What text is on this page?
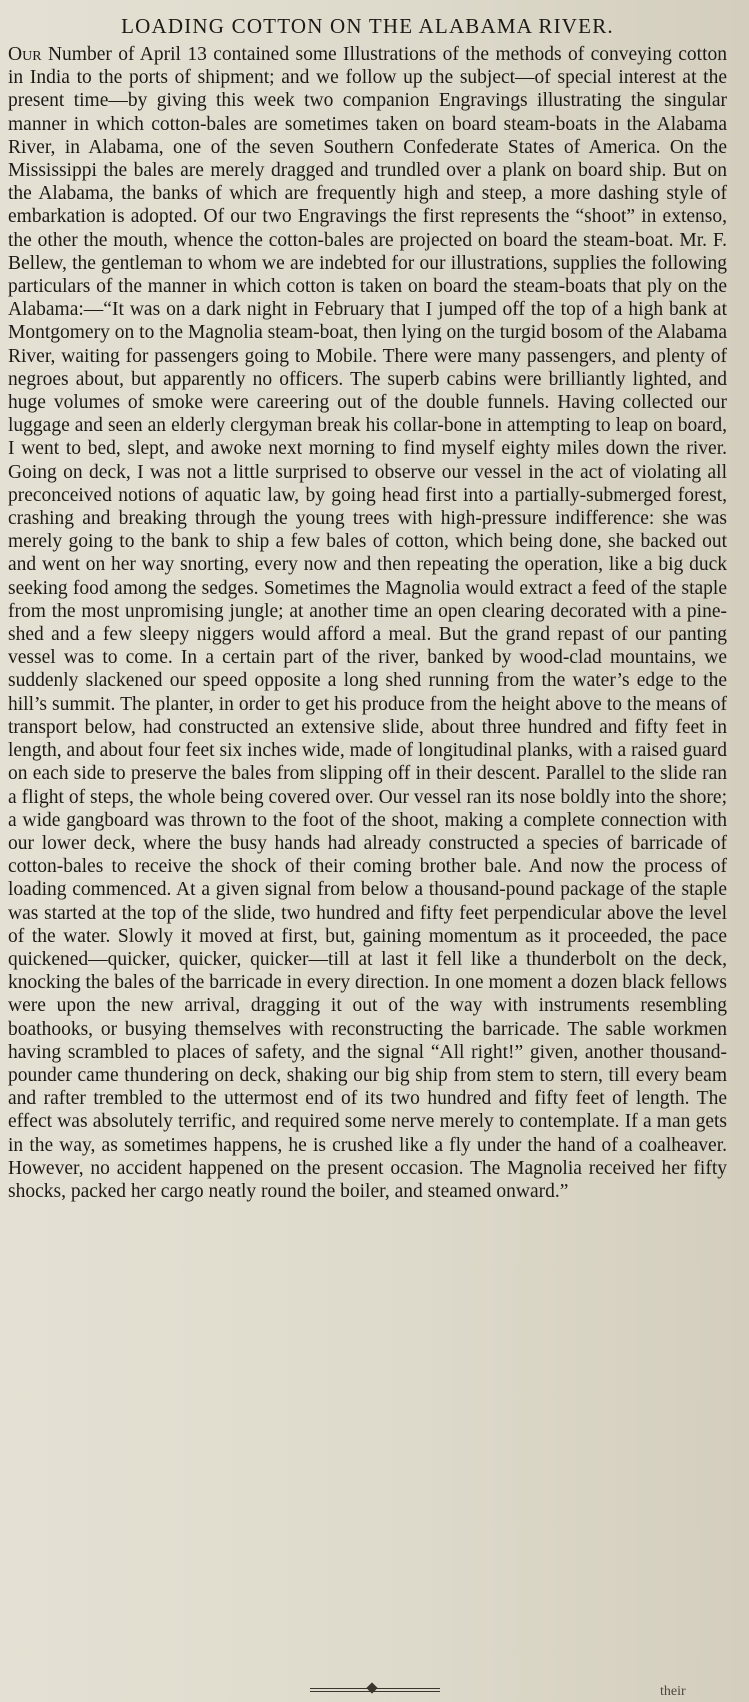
LOADING COTTON ON THE ALABAMA RIVER.

Our Number of April 13 contained some Illustrations of the methods of conveying cotton in India to the ports of shipment; and we follow up the subject—of special interest at the present time—by giving this week two companion Engravings illustrating the singular manner in which cotton-bales are sometimes taken on board steam-boats in the Alabama River, in Alabama, one of the seven Southern Confederate States of America. On the Mississippi the bales are merely dragged and trundled over a plank on board ship. But on the Alabama, the banks of which are frequently high and steep, a more dashing style of embarkation is adopted. Of our two Engravings the first represents the “shoot” in extenso, the other the mouth, whence the cotton-bales are projected on board the steam-boat. Mr. F. Bellew, the gentleman to whom we are indebted for our illustrations, supplies the following particulars of the manner in which cotton is taken on board the steam-boats that ply on the Alabama:—“It was on a dark night in February that I jumped off the top of a high bank at Montgomery on to the Magnolia steam-boat, then lying on the turgid bosom of the Alabama River, waiting for passengers going to Mobile. There were many passengers, and plenty of negroes about, but apparently no officers. The superb cabins were brilliantly lighted, and huge volumes of smoke were careering out of the double funnels. Having collected our luggage and seen an elderly clergyman break his collar-bone in attempting to leap on board, I went to bed, slept, and awoke next morning to find myself eighty miles down the river. Going on deck, I was not a little surprised to observe our vessel in the act of violating all preconceived notions of aquatic law, by going head first into a partially-submerged forest, crashing and breaking through the young trees with high-pressure indifference: she was merely going to the bank to ship a few bales of cotton, which being done, she backed out and went on her way snorting, every now and then repeating the operation, like a big duck seeking food among the sedges. Sometimes the Magnolia would extract a feed of the staple from the most unpromising jungle; at another time an open clearing decorated with a pine-shed and a few sleepy niggers would afford a meal. But the grand repast of our panting vessel was to come. In a certain part of the river, banked by wood-clad mountains, we suddenly slackened our speed opposite a long shed running from the water’s edge to the hill’s summit. The planter, in order to get his produce from the height above to the means of transport below, had constructed an extensive slide, about three hundred and fifty feet in length, and about four feet six inches wide, made of longitudinal planks, with a raised guard on each side to preserve the bales from slipping off in their descent. Parallel to the slide ran a flight of steps, the whole being covered over. Our vessel ran its nose boldly into the shore; a wide gangboard was thrown to the foot of the shoot, making a complete connection with our lower deck, where the busy hands had already constructed a species of barricade of cotton-bales to receive the shock of their coming brother bale. And now the process of loading commenced. At a given signal from below a thousand-pound package of the staple was started at the top of the slide, two hundred and fifty feet perpendicular above the level of the water. Slowly it moved at first, but, gaining momentum as it proceeded, the pace quickened—quicker, quicker, quicker—till at last it fell like a thunderbolt on the deck, knocking the bales of the barricade in every direction. In one moment a dozen black fellows were upon the new arrival, dragging it out of the way with instruments resembling boathooks, or busying themselves with reconstructing the barricade. The sable workmen having scrambled to places of safety, and the signal “All right!” given, another thousand-pounder came thundering on deck, shaking our big ship from stem to stern, till every beam and rafter trembled to the uttermost end of its two hundred and fifty feet of length. The effect was absolutely terrific, and required some nerve merely to contemplate. If a man gets in the way, as sometimes happens, he is crushed like a fly under the hand of a coalheaver. However, no accident happened on the present occasion. The Magnolia received her fifty shocks, packed her cargo neatly round the boiler, and steamed onward.”

their
